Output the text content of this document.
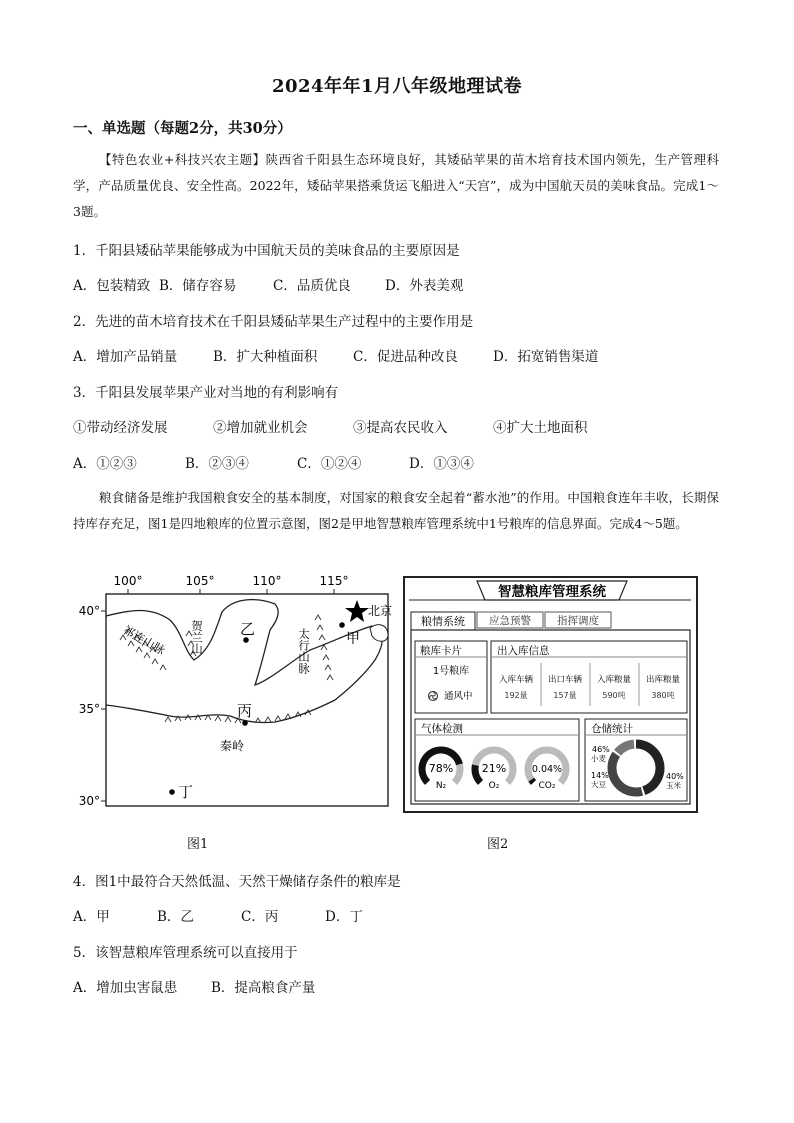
2024年年1月八年级地理试卷
一、单选题（每题2分，共30分）
【特色农业+科技兴农主题】陕西省千阳县生态环境良好，其矮砧苹果的苗木培育技术国内领先，生产管理科学，产品质量优良、安全性高。2022年，矮砧苹果搭乘货运飞船进入“天宫”，成为中国航天员的美味食品。完成1～3题。
1．千阳县矮砧苹果能够成为中国航天员的美味食品的主要原因是
A．包装精致 B．储存容易	C．品质优良	D．外表美观
2．先进的苗木培育技术在千阳县矮砧苹果生产过程中的主要作用是
A．增加产品销量	B．扩大种植面积	C．促进品种改良	D．拓宽销售渠道
3．千阳县发展苹果产业对当地的有利影响有
①带动经济发展	②增加就业机会	③提高农民收入	④扩大土地面积
A．①②③	B．②③④	C．①②④	D．①③④
粮食储备是维护我国粮食安全的基本制度，对国家的粮食安全起着“蓄水池”的作用。中国粮食连年丰收，长期保持库存充足，图1是四地粮库的位置示意图，图2是甲地智慧粮库管理系统中1号粮库的信息界面。完成4～5题。
100°	105°	110°	115°
40°
35°
30°
祁连山脉 贺兰山	太行山脉
秦岭
北京
甲
乙
丙
丁
图1
智慧粮库管理系统
粮情系统 应急预警 指挥调度
粮库卡片
1号粮库
通风中
出入库信息
入库车辆
192量
出口车辆
157量
入库粮量
590吨
出库粮量
380吨
气体检测
78%
N₂
21%
O₂
0.04%
CO₂
仓储统计
46%
小麦
40%
玉米
14%
大豆
图2
4．图1中最符合天然低温、天然干燥储存条件的粮库是
A．甲	B．乙	C．丙	D．丁
5．该智慧粮库管理系统可以直接用于
A．增加虫害鼠患	B．提高粮食产量
